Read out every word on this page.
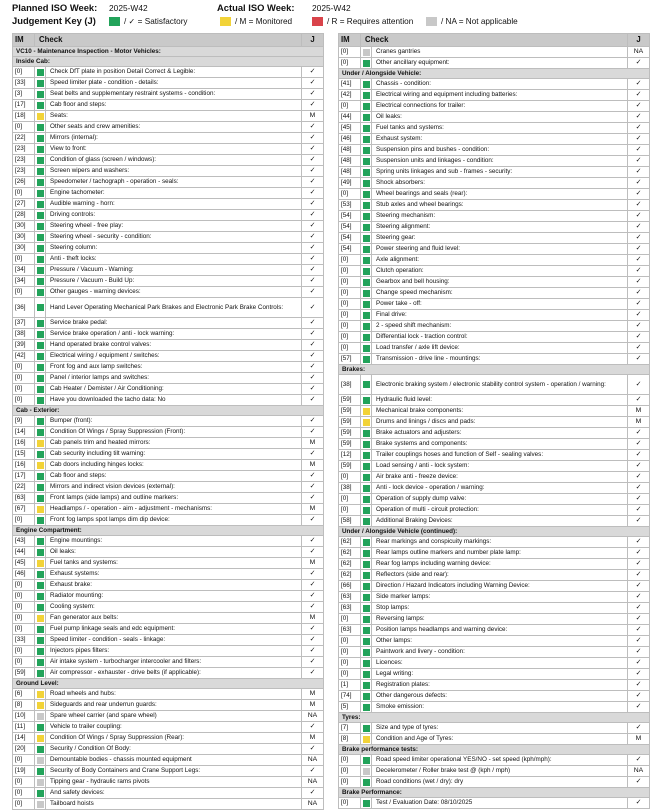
Planned ISO Week: 2025-W42	Actual ISO Week: 2025-W42
Judgement Key (J)	/ ✓ = Satisfactory	/ M = Monitored	/ R = Requires attention	/ NA = Not applicable
IM	Check		J
VC10 - Maintenance Inspection - Motor Vehicles:			
Inside Cab:			
[0]		Check DfT plate in position Detail Correct & Legible:	✓
[33]		Speed limiter plate - condition - details:	✓
[3]		Seat belts and supplementary restraint systems - condition:	✓
[17]		Cab floor and steps:	✓
[18]		Seats:	M
[0]		Other seats and crew amenities:	✓
[22]		Mirrors (internal):	✓
[23]		View to front:	✓
[23]		Condition of glass (screen / windows):	✓
[23]		Screen wipers and washers:	✓
[26]		Speedometer / tachograph - operation - seals:	✓
[0]		Engine tachometer:	✓
[27]		Audible warning - horn:	✓
[28]		Driving controls:	✓
[30]		Steering wheel - free play:	✓
[30]		Steering wheel - security - condition:	✓
[30]		Steering column:	✓
[0]		Anti - theft locks:	✓
[34]		Pressure / Vacuum - Warning:	✓
[34]		Pressure / Vacuum - Build Up:	✓
[0]		Other gauges - warning devices:	✓
[36]		Hand Lever Operating Mechanical Park Brakes and Electronic Park Brake Controls:	✓
[37]		Service brake pedal:	✓
[38]		Service brake operation / anti - lock warning:	✓
[39]		Hand operated brake control valves:	✓
[42]		Electrical wiring / equipment / switches:	✓
[0]		Front fog and aux lamp switches:	✓
[0]		Panel / interior lamps and switches:	✓
[0]		Cab Heater / Demister / Air Conditioning:	✓
[0]		Have you downloaded the tacho data: No	✓
Cab - Exterior:			
[9]		Bumper (front):	✓
[14]		Condition Of Wings / Spray Suppression (Front):	✓
[16]		Cab panels trim and heated mirrors:	M
[15]		Cab security including tilt warning:	✓
[16]		Cab doors including hinges locks:	M
[17]		Cab floor and steps:	✓
[22]		Mirrors and indirect vision devices (external):	✓
[63]		Front lamps (side lamps) and outline markers:	✓
[67]		Headlamps / - operation - aim - adjustment - mechanisms:	M
[0]		Front fog lamps spot lamps dim dip device:	✓
Engine Compartment:			
[43]		Engine mountings:	✓
[44]		Oil leaks:	✓
[45]		Fuel tanks and systems:	M
[46]		Exhaust systems:	✓
[0]		Exhaust brake:	✓
[0]		Radiator mounting:	✓
[0]		Cooling system:	✓
[0]		Fan generator aux belts:	M
[0]		Fuel pump linkage seals and edc equipment:	✓
[33]		Speed limiter - condition - seals - linkage:	✓
[0]		Injectors pipes filters:	✓
[0]		Air intake system - turbocharger intercooler and filters:	✓
[59]		Air compressor - exhauster - drive belts (if applicable):	✓
Ground Level:			
[6]		Road wheels and hubs:	M
[8]		Sideguards and rear underrun guards:	M
[10]		Spare wheel carrier (and spare wheel)	NA
[11]		Vehicle to trailer coupling:	✓
[14]		Condition Of Wings / Spray Suppression (Rear):	M
[20]		Security / Condition Of Body:	✓
[0]		Demountable bodies - chassis mounted equipment	NA
[19]		Security of Body Containers and Crane Support Legs:	✓
[0]		Tipping gear - hydraulic rams pivots	NA
[0]		And safety devices:	✓
[0]		Tailboard hoists	NA
IM	Check		J
[0]		Cranes gantries	NA
[0]		Other ancillary equipment:	✓
Under / Alongside Vehicle:			
[41]		Chassis - condition:	✓
[42]		Electrical wiring and equipment including batteries:	✓
[0]		Electrical connections for trailer:	✓
[44]		Oil leaks:	✓
[45]		Fuel tanks and systems:	✓
[46]		Exhaust system:	✓
[48]		Suspension pins and bushes - condition:	✓
[48]		Suspension units and linkages - condition:	✓
[48]		Spring units linkages and sub - frames - security:	✓
[49]		Shock absorbers:	✓
[0]		Wheel bearings and seals (rear):	✓
[53]		Stub axles and wheel bearings:	✓
[54]		Steering mechanism:	✓
[54]		Steering alignment:	✓
[54]		Steering gear:	✓
[54]		Power steering and fluid level:	✓
[0]		Axle alignment:	✓
[0]		Clutch operation:	✓
[0]		Gearbox and bell housing:	✓
[0]		Change speed mechanism:	✓
[0]		Power take - off:	✓
[0]		Final drive:	✓
[0]		2 - speed shift mechanism:	✓
[0]		Differential lock - traction control:	✓
[0]		Load transfer / axle lift device:	✓
[57]		Transmission - drive line - mountings:	✓
Brakes:			
[38]		Electronic braking system / electronic stability control system - operation / warning:	✓
[59]		Hydraulic fluid level:	✓
[59]		Mechanical brake components:	M
[59]		Drums and linings / discs and pads:	M
[59]		Brake actuators and adjusters:	✓
[59]		Brake systems and components:	✓
[12]		Trailer couplings hoses and function of Self - sealing valves:	✓
[59]		Load sensing / anti - lock system:	✓
[0]		Air brake anti - freeze device:	✓
[38]		Anti - lock device - operation / warning:	✓
[0]		Operation of supply dump valve:	✓
[0]		Operation of multi - circuit protection:	✓
[58]		Additional Braking Devices:	✓
Under / Alongside Vehicle (continued):			
[62]		Rear markings and conspicuity markings:	✓
[62]		Rear lamps outline markers and number plate lamp:	✓
[62]		Rear fog lamps including warning device:	✓
[62]		Reflectors (side and rear):	✓
[66]		Direction / Hazard Indicators including Warning Device:	✓
[63]		Side marker lamps:	✓
[63]		Stop lamps:	✓
[0]		Reversing lamps:	✓
[63]		Position lamps headlamps and warning device:	✓
[0]		Other lamps:	✓
[0]		Paintwork and livery - condition:	✓
[0]		Licences:	✓
[0]		Legal writing:	✓
[1]		Registration plates:	✓
[74]		Other dangerous defects:	✓
[5]		Smoke emission:	✓
Tyres:			
[7]		Size and type of tyres:	✓
[8]		Condition and Age of Tyres:	M
Brake performance tests:			
[0]		Road speed limiter operational YES/NO - set speed (kph/mph):	✓
[0]		Decelerometer / Roller brake test @ (kph / mph)	NA
[0]		Road conditions (wet / dry): dry	✓
Brake Performance:			
[0]		Test / Evaluation Date: 08/10/2025	✓
